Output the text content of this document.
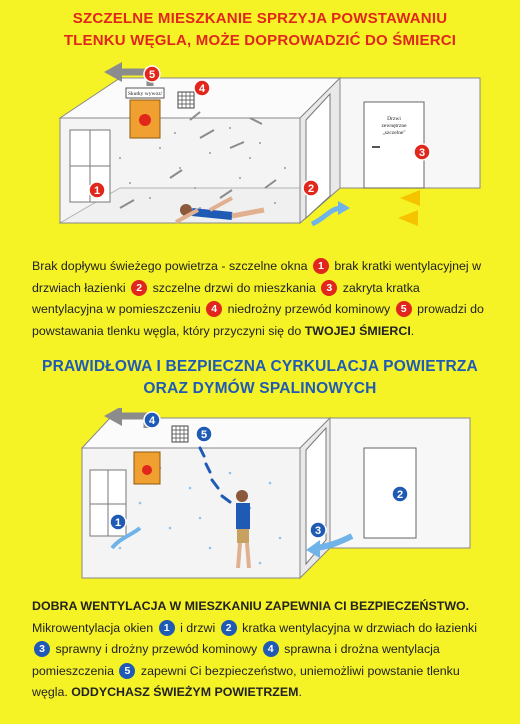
SZCZELNE MIESZKANIE SPRZYJA POWSTAWANIU
TLENKU WĘGLA, MOŻE DOPROWADZIĆ DO ŚMIERCI
Skutky wywoz/
Drzwi
zewnętrzne
„szczelne"
1	2
3
4
5
Brak dopływu świeżego powietrza - szczelne okna 1 brak kratki wentylacyjnej w drzwiach łazienki 2 szczelne drzwi do mieszkania 3 zakryta kratka wentylacyjna w pomieszczeniu 4 niedrożny przewód kominowy 5 prowadzi do powstawania tlenku węgla, który przyczyni się do TWOJEJ ŚMIERCI.
PRAWIDŁOWA I BEZPIECZNA CYRKULACJA POWIETRZA
ORAZ DYMÓW SPALINOWYCH
1
2
3
4
5
DOBRA WENTYLACJA W MIESZKANIU ZAPEWNIA CI BEZPIECZEŃSTWO.
Mikrowentylacja okien 1 i drzwi 2 kratka wentylacyjna w drzwiach do łazienki 3 sprawny i drożny przewód kominowy 4 sprawna i drożna wentylacja pomieszczenia 5 zapewni Ci bezpieczeństwo, uniemożliwi powstanie tlenku węgla. ODDYCHASZ ŚWIEŻYM POWIETRZEM.
